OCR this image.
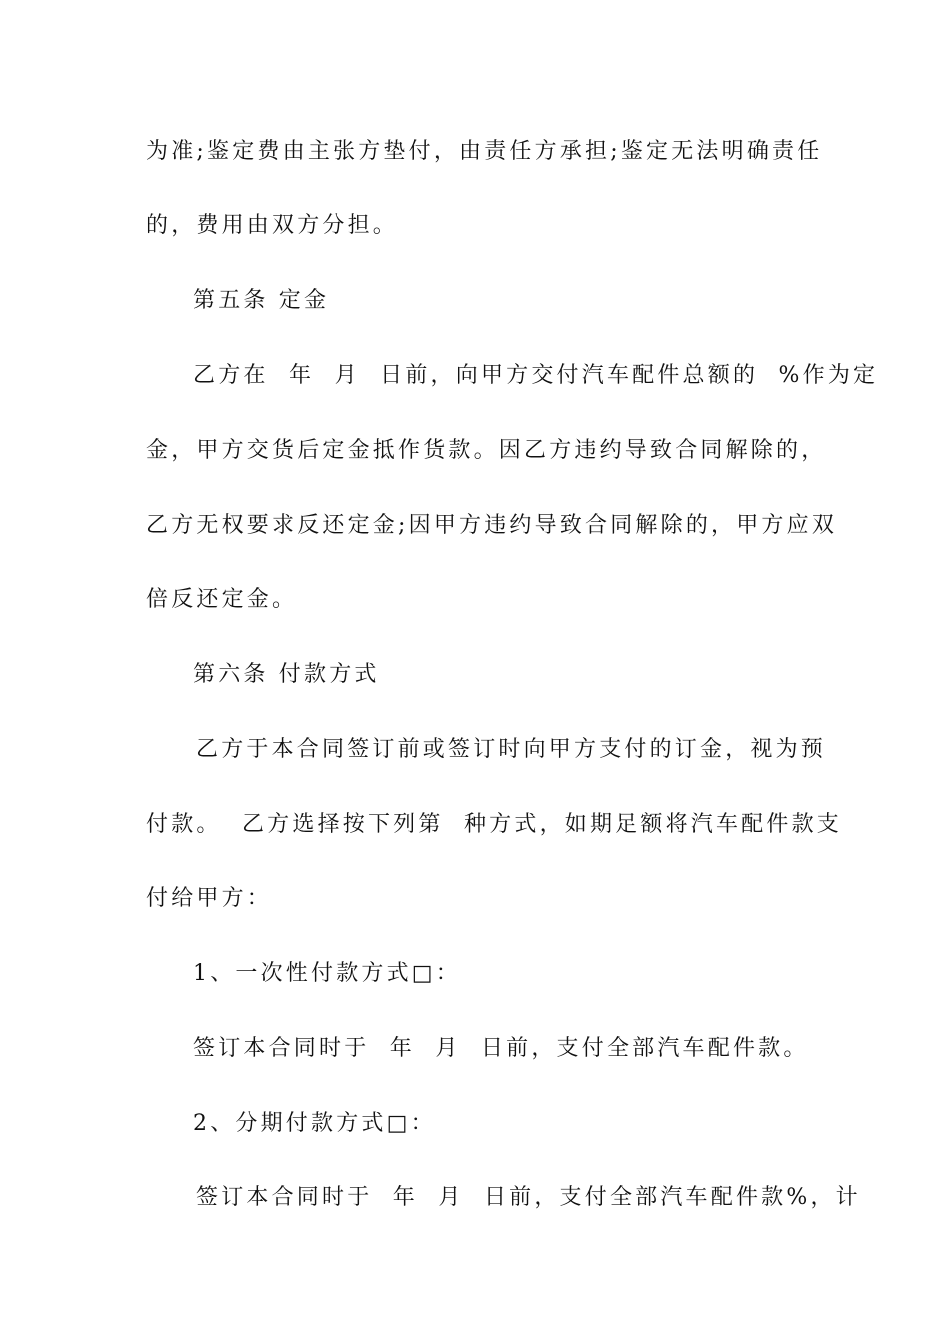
为准;鉴定费由主张方垫付，由责任方承担;鉴定无法明确责任
的，费用由双方分担。
第五条 定金
乙方在  年  月  日前，向甲方交付汽车配件总额的  %作为定
金，甲方交货后定金抵作货款。因乙方违约导致合同解除的，
乙方无权要求反还定金;因甲方违约导致合同解除的，甲方应双
倍反还定金。
第六条 付款方式
乙方于本合同签订前或签订时向甲方支付的订金，视为预
付款。  乙方选择按下列第  种方式，如期足额将汽车配件款支
付给甲方：
1、一次性付款方式□：
签订本合同时于  年  月  日前，支付全部汽车配件款。
2、分期付款方式□：
签订本合同时于  年  月  日前，支付全部汽车配件款%，计
